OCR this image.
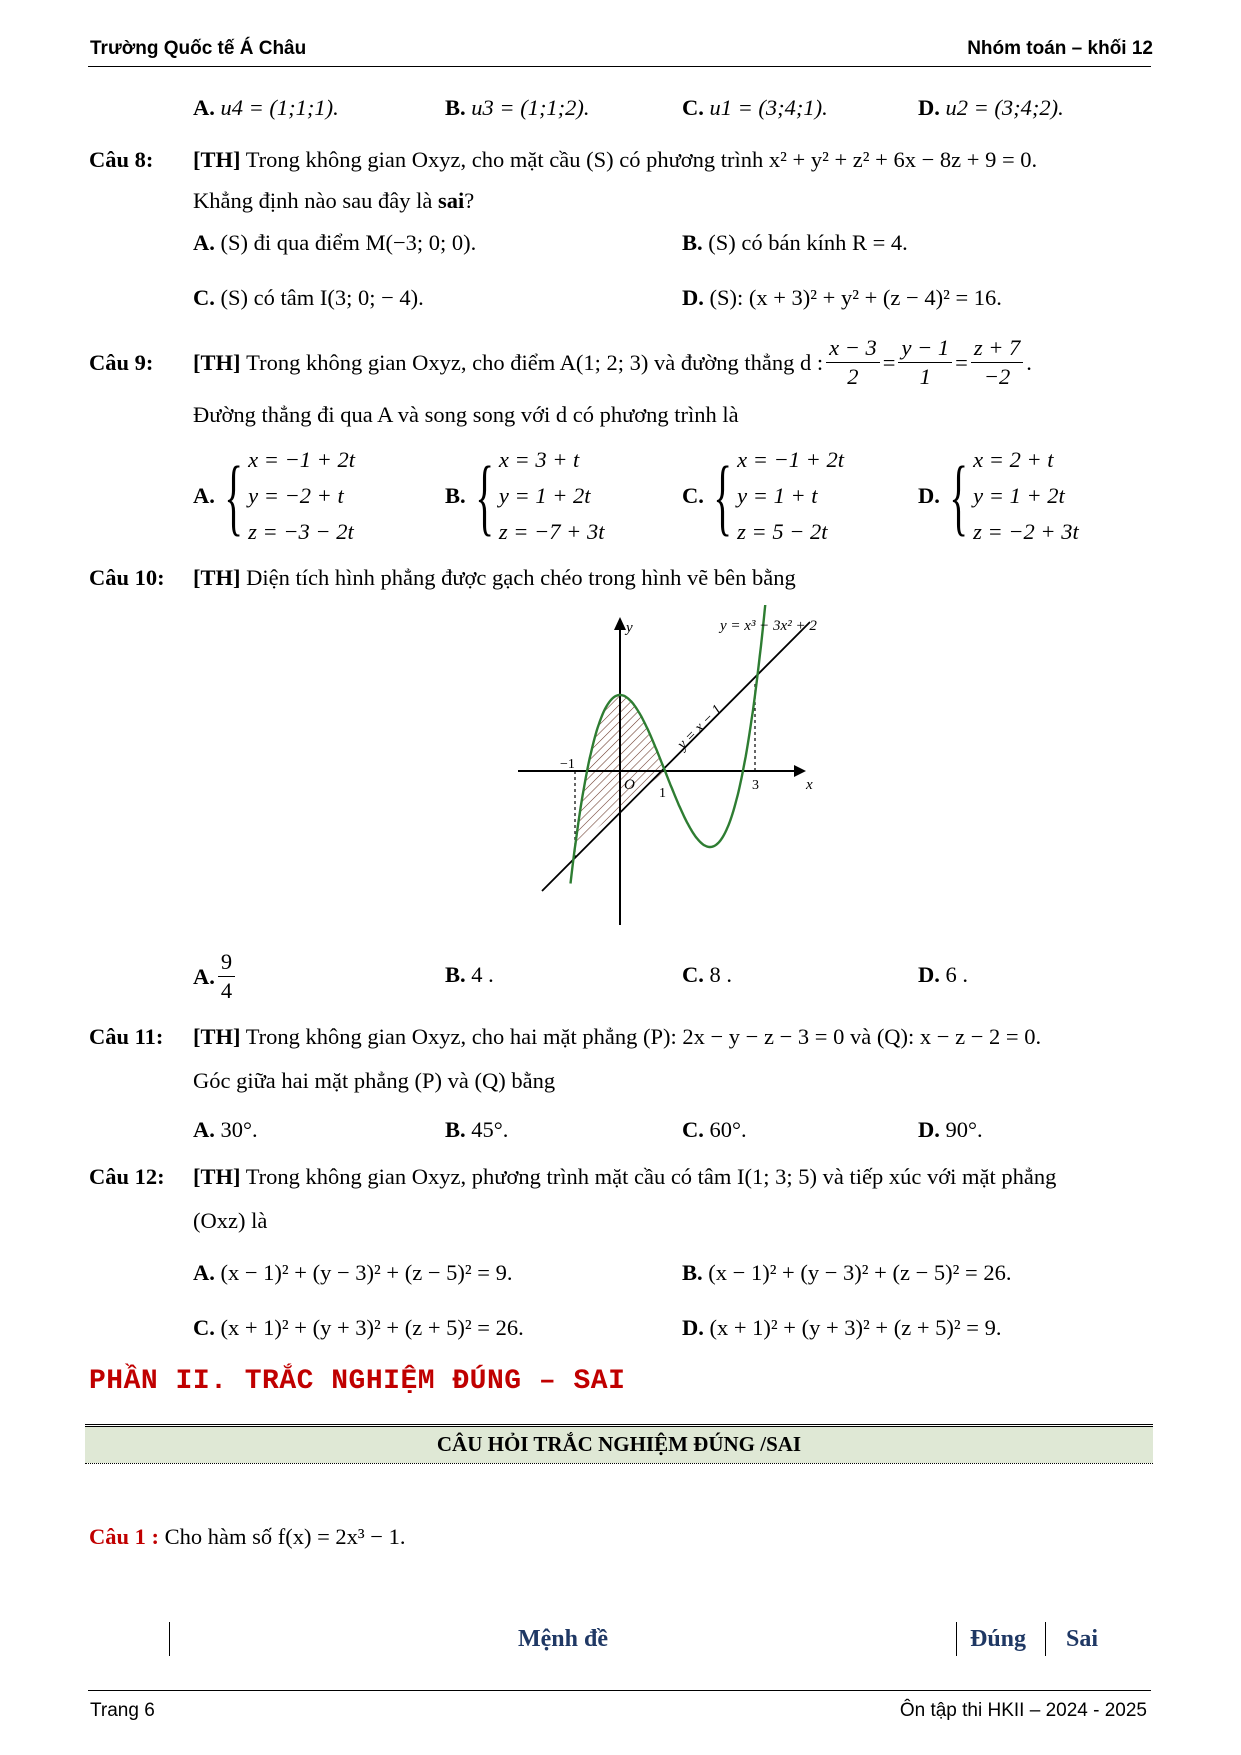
Trường Quốc tế Á Châu	Nhóm toán – khối 12
A. u4 = (1;1;1).	B. u3 = (1;1;2).	C. u1 = (3;4;1).	D. u2 = (3;4;2).
Câu 8: [TH] Trong không gian Oxyz, cho mặt cầu (S) có phương trình x² + y² + z² + 6x − 8z + 9 = 0.
Khẳng định nào sau đây là sai?
A. (S) đi qua điểm M(−3; 0; 0).	B. (S) có bán kính R = 4.
C. (S) có tâm I(3; 0; − 4).	D. (S): (x + 3)² + y² + (z − 4)² = 16.
Câu 9: [TH]
Trong không gian Oxyz, cho điểm A(1; 2; 3) và đường thẳng d : $\frac{x - 3}{2} = \frac{y - 1}{1} = \frac{z + 7}{-2}$ .
Đường thẳng đi qua A và song song với d có phương trình là
A. { x = −1 + 2t
y = −2 + t
z = −3 − 2t
B. { x = 3 + t
y = 1 + 2t
z = −7 + 3t
C. { x = −1 + 2t
y = 1 + t
z = 5 − 2t
D. { x = 2 + t
y = 1 + 2t
z = −2 + 3t
Câu 10: [TH] Diện tích hình phẳng được gạch chéo trong hình vẽ bên bằng
y = x³ − 3x² + 2
y = x − 1
y
x
O
−1
1
3
A. $\frac{9}{4}$	B. 4 .	C. 8 .	D. 6 .
Câu 11: [TH] Trong không gian Oxyz, cho hai mặt phẳng (P): 2x − y − z − 3 = 0 và (Q): x − z − 2 = 0.
Góc giữa hai mặt phẳng (P) và (Q) bằng
A. 30°.	B. 45°.	C. 60°.	D. 90°.
Câu 12: [TH] Trong không gian Oxyz, phương trình mặt cầu có tâm I(1; 3; 5) và tiếp xúc với mặt phẳng
(Oxz) là
A. (x − 1)² + (y − 3)² + (z − 5)² = 9.	B. (x − 1)² + (y − 3)² + (z − 5)² = 26.
C. (x + 1)² + (y + 3)² + (z + 5)² = 26.	D. (x + 1)² + (y + 3)² + (z + 5)² = 9.
PHẦN II. TRẮC NGHIỆM ĐÚNG – SAI
CÂU HỎI TRẮC NGHIỆM ĐÚNG /SAI
Câu 1 : Cho hàm số f(x) = 2x³ − 1.
Mệnh đề	Đúng Sai
Trang 6	Ôn tập thi HKII – 2024 - 2025
